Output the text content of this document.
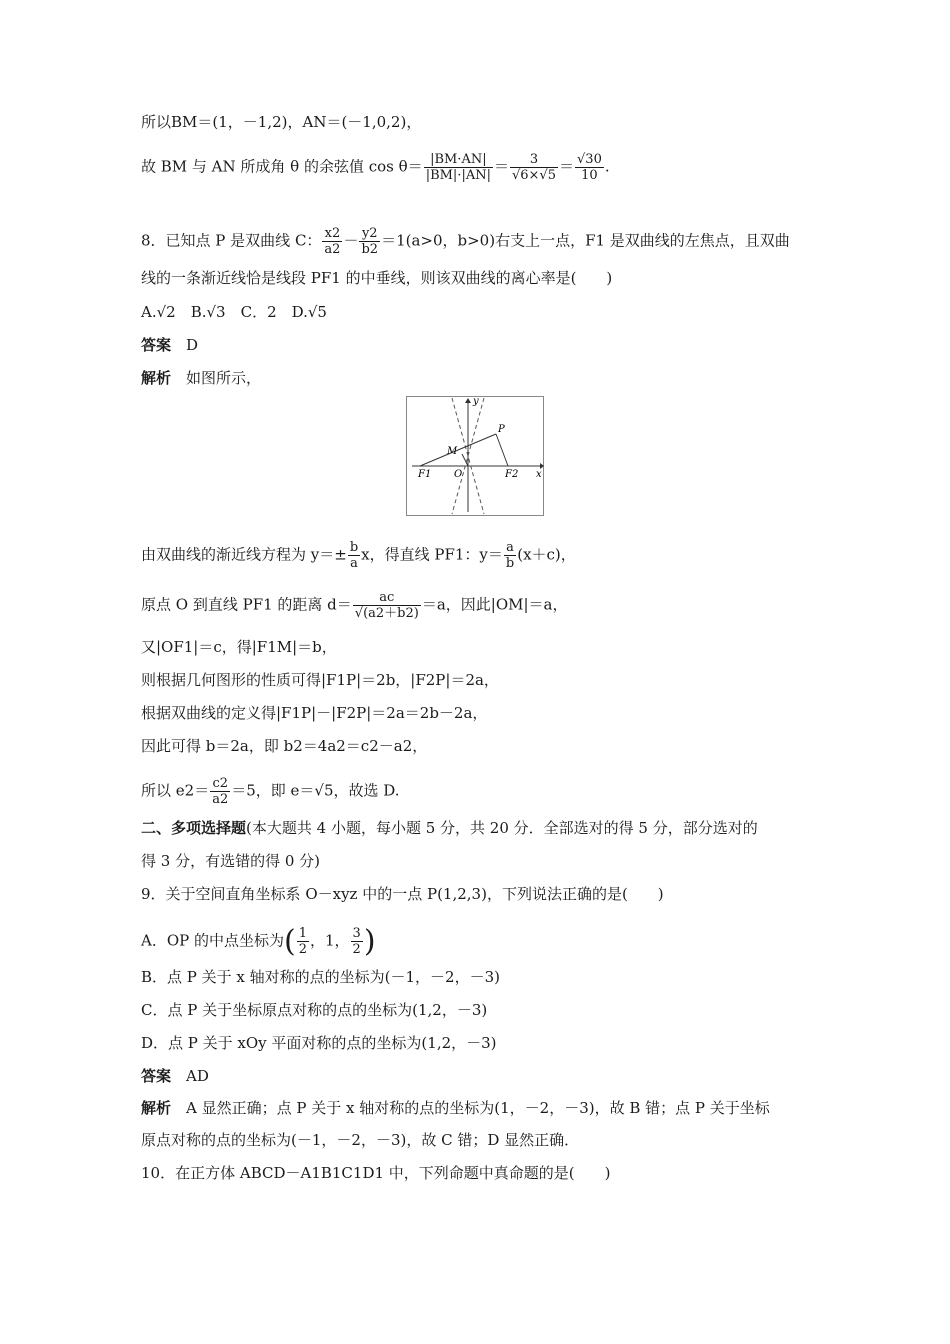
所以BM＝(1，－1,2)，AN＝(－1,0,2)，
故 BM 与 AN 所成角 θ 的余弦值 $\cos \theta= \frac{|BM\cdot AN|}{|BM|\cdot|AN|} = \frac{3}{√6\times√5} = \frac{√30}{10}$ .
8．已知点 P 是双曲线 C： $\frac{x2}{a2} - \frac{y2}{b2} =1(a>0$，b>0)右支上一点，F1 是双曲线的左焦点，且双曲
线的一条渐近线恰是线段 PF1 的中垂线，则该双曲线的离心率是(　　)
A.√2　B.√3　C．2　D.√5
答案　 D
解析　 如图所示，
y
x
P
M
O
F1	F2
由双曲线的渐近线方程为 $y=\pm \frac{b}{a}$ x，得直线 PF1：$y= \frac{a}{b} (x+c)$，
原点 O 到直线 PF1 的距离 $d= \frac{ac}{√(a2+b2)} =a$，因此|OM|＝a，
又|OF1|＝c，得|F1M|＝b，
则根据几何图形的性质可得|F1P|＝2b，|F2P|＝2a，
根据双曲线的定义得|F1P|－|F2P|＝2a＝2b－2a，
因此可得 b＝2a，即 b2＝4a2＝c2－a2，
所以 $e2= \frac{c2}{a2} =5$，即 e＝√5，故选 D.
二、多项选择题(本大题共 4 小题，每小题 5 分，共 20 分．全部选对的得 5 分，部分选对的
得 3 分，有选错的得 0 分)
9．关于空间直角坐标系 O－xyz 中的一点 P(1,2,3)，下列说法正确的是(　　)
A．OP 的中点坐标为( $\frac{1}{2}$ ，1， $\frac{3}{2}$ )
B．点 P 关于 x 轴对称的点的坐标为(－1，－2，－3)
C．点 P 关于坐标原点对称的点的坐标为(1,2，－3)
D．点 P 关于 xOy 平面对称的点的坐标为(1,2，－3)
答案　 AD
解析　 A 显然正确；点 P 关于 x 轴对称的点的坐标为(1，－2，－3)，故 B 错；点 P 关于坐标
原点对称的点的坐标为(－1，－2，－3)，故 C 错；D 显然正确．
10．在正方体 ABCD－A1B1C1D1 中，下列命题中真命题的是(　　)
